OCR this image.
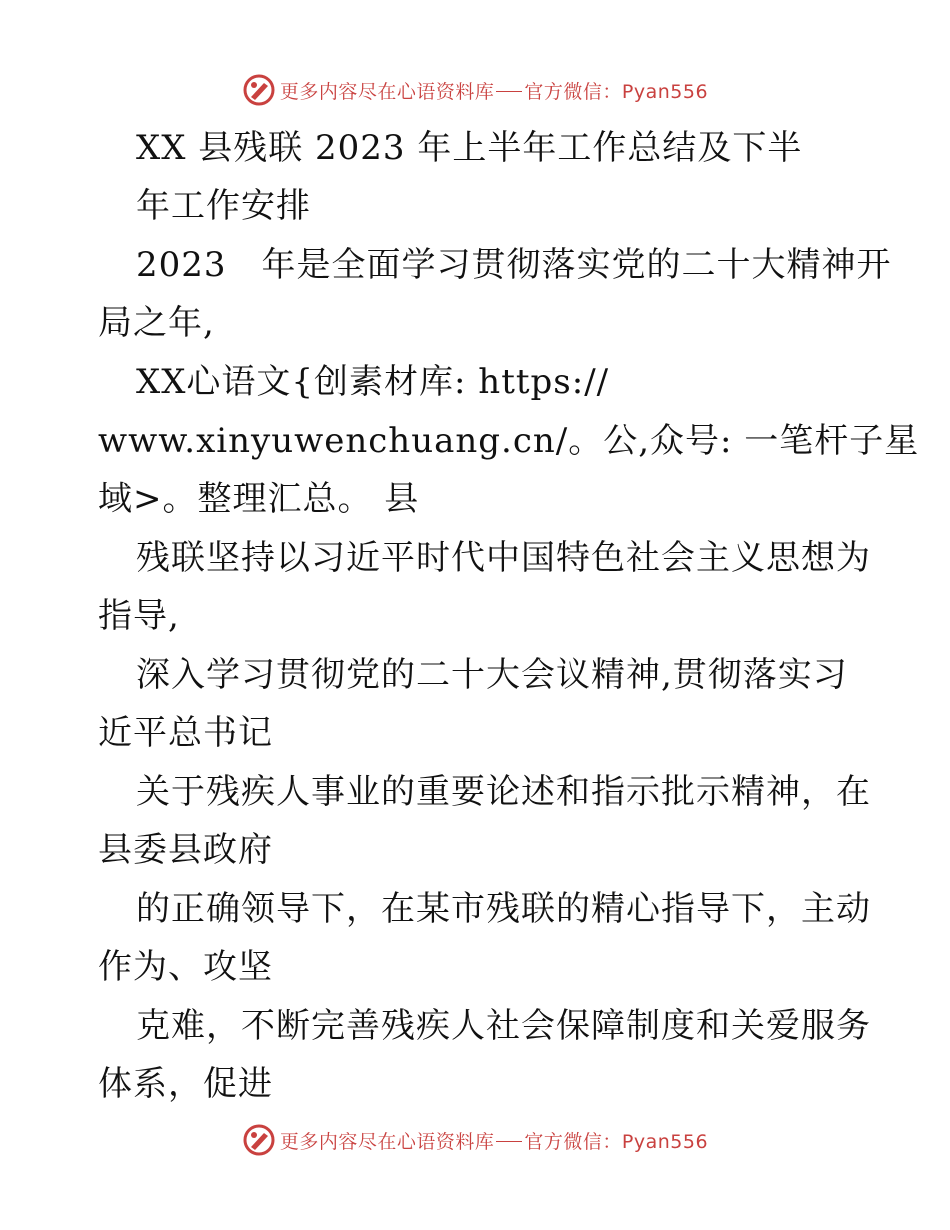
更多内容尽在心语资料库 官方微信：Pyan556
XX 县残联 2023 年上半年工作总结及下半
年工作安排
2023　年是全面学习贯彻落实党的二十大精神开
局之年,
XX心语文{创素材库: https://
www.xinyuwenchuang.cn/。公,众号: 一笔杆子星
域>。整理汇总。 县
残联坚持以习近平时代中国特色社会主义思想为
指导,
深入学习贯彻党的二十大会议精神,贯彻落实习
近平总书记
关于残疾人事业的重要论述和指示批示精神，在
县委县政府
的正确领导下，在某市残联的精心指导下，主动
作为、攻坚
克难，不断完善残疾人社会保障制度和关爱服务
体系，促进
更多内容尽在心语资料库 官方微信：Pyan556
